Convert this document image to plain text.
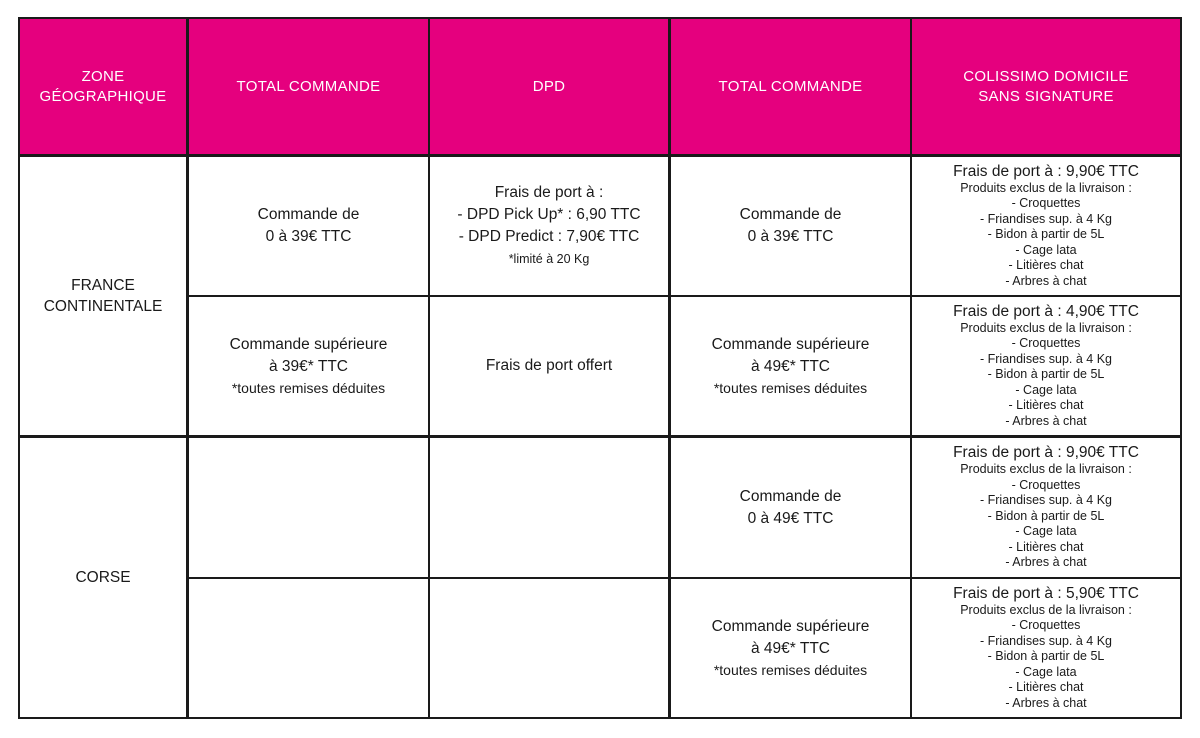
ZONE
GÉOGRAPHIQUE
TOTAL COMMANDE	DPD	TOTAL COMMANDE
COLISSIMO DOMICILE
SANS SIGNATURE
FRANCE
CONTINENTALE
CORSE
Commande de
0 à 39€ TTC
Frais de port à :
- DPD Pick Up* : 6,90 TTC
- DPD Predict : 7,90€ TTC
*limité à 20 Kg
Commande de
0 à 39€ TTC
Frais de port à : 9,90€ TTC
Produits exclus de la livraison :
- Croquettes
- Friandises sup. à 4 Kg
- Bidon à partir de 5L
- Cage lata
- Litières chat
- Arbres à chat
Commande supérieure
à 39€* TTC
*toutes remises déduites
Frais de port offert
Commande supérieure
à 49€* TTC
*toutes remises déduites
Frais de port à : 4,90€ TTC
Produits exclus de la livraison :
- Croquettes
- Friandises sup. à 4 Kg
- Bidon à partir de 5L
- Cage lata
- Litières chat
- Arbres à chat
Commande de
0 à 49€ TTC
Frais de port à : 9,90€ TTC
Produits exclus de la livraison :
- Croquettes
- Friandises sup. à 4 Kg
- Bidon à partir de 5L
- Cage lata
- Litières chat
- Arbres à chat
Commande supérieure
à 49€* TTC
*toutes remises déduites
Frais de port à : 5,90€ TTC
Produits exclus de la livraison :
- Croquettes
- Friandises sup. à 4 Kg
- Bidon à partir de 5L
- Cage lata
- Litières chat
- Arbres à chat
